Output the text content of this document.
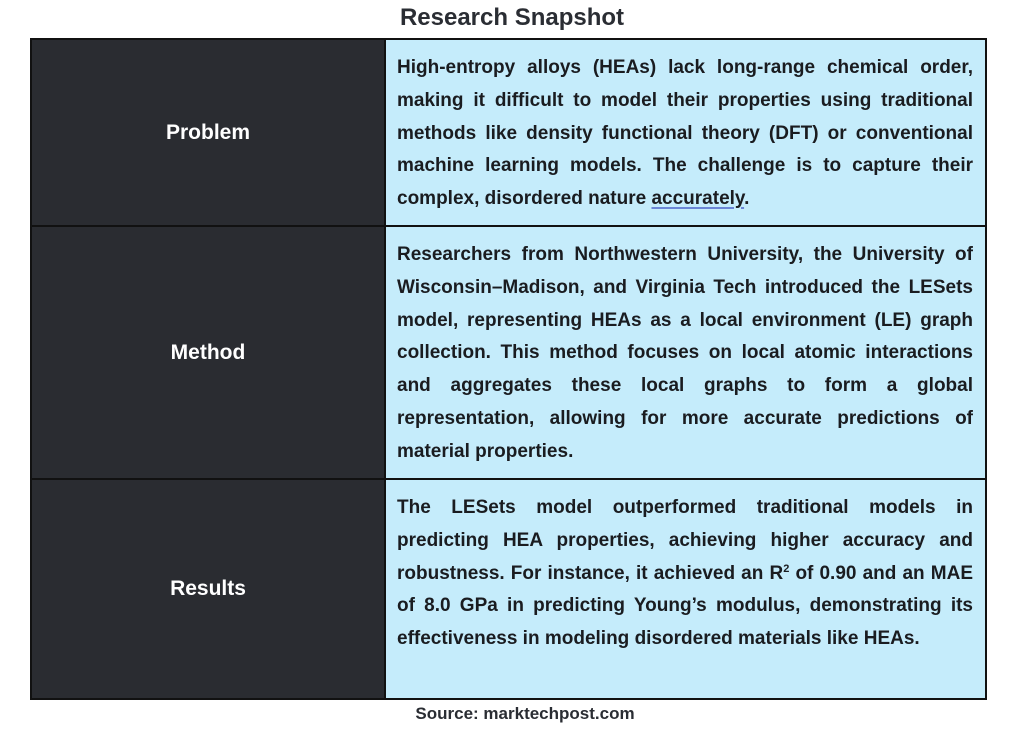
Research Snapshot
Problem	High-entropy alloys (HEAs) lack long-range chemical order, making it difficult to model their properties using traditional methods like density functional theory (DFT) or conventional machine learning models. The challenge is to capture their complex, disordered nature accurately.
Method	Researchers from Northwestern University, the University of Wisconsin–Madison, and Virginia Tech introduced the LESets model, representing HEAs as a local environment (LE) graph collection. This method focuses on local atomic interactions and aggregates these local graphs to form a global representation, allowing for more accurate predictions of material properties.
Results	The LESets model outperformed traditional models in predicting HEA properties, achieving higher accuracy and robustness. For instance, it achieved an $R^2$ of 0.90 and an MAE of 8.0 GPa in predicting Young’s modulus, demonstrating its effectiveness in modeling disordered materials like HEAs.
Source: marktechpost.com
